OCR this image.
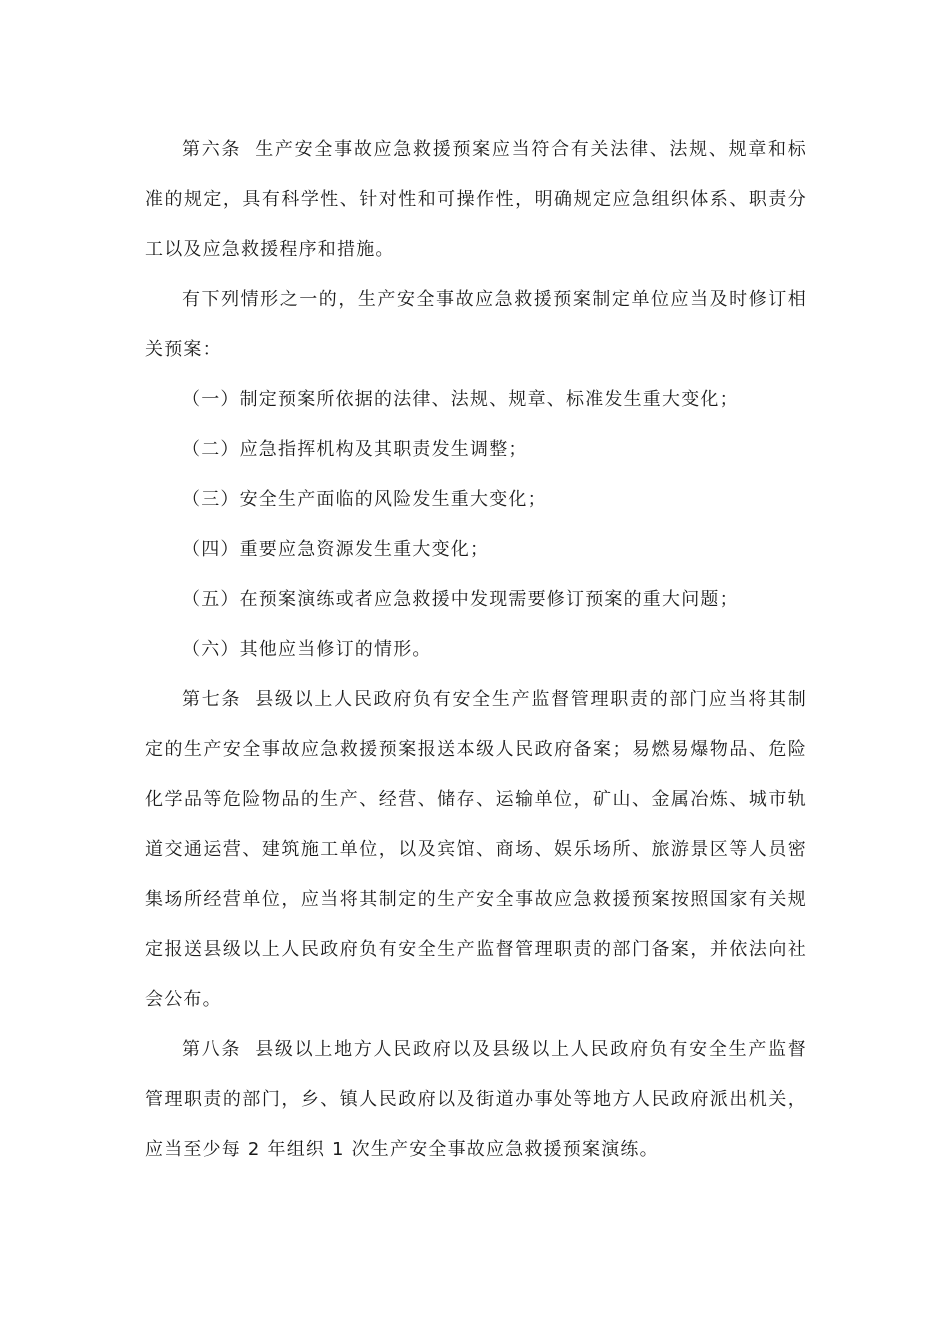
第六条 生产安全事故应急救援预案应当符合有关法律、法规、规章和标准的规定，具有科学性、针对性和可操作性，明确规定应急组织体系、职责分工以及应急救援程序和措施。

有下列情形之一的，生产安全事故应急救援预案制定单位应当及时修订相关预案：

（一）制定预案所依据的法律、法规、规章、标准发生重大变化；

（二）应急指挥机构及其职责发生调整；

（三）安全生产面临的风险发生重大变化；

（四）重要应急资源发生重大变化；

（五）在预案演练或者应急救援中发现需要修订预案的重大问题；

（六）其他应当修订的情形。

第七条 县级以上人民政府负有安全生产监督管理职责的部门应当将其制定的生产安全事故应急救援预案报送本级人民政府备案；易燃易爆物品、危险化学品等危险物品的生产、经营、储存、运输单位，矿山、金属冶炼、城市轨道交通运营、建筑施工单位，以及宾馆、商场、娱乐场所、旅游景区等人员密集场所经营单位，应当将其制定的生产安全事故应急救援预案按照国家有关规定报送县级以上人民政府负有安全生产监督管理职责的部门备案，并依法向社会公布。

第八条 县级以上地方人民政府以及县级以上人民政府负有安全生产监督管理职责的部门，乡、镇人民政府以及街道办事处等地方人民政府派出机关，应当至少每 2 年组织 1 次生产安全事故应急救援预案演练。
